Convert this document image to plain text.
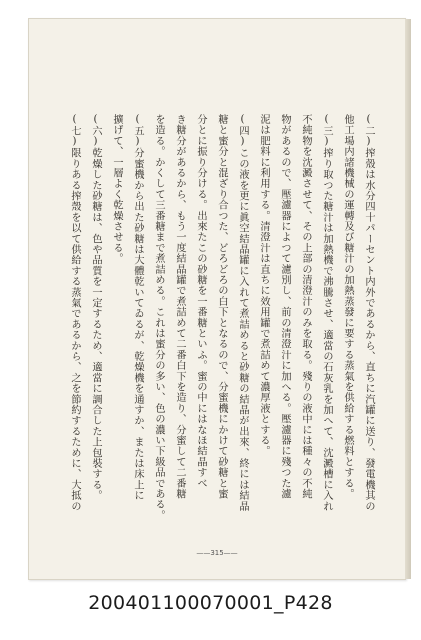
(二)搾殼は水分四十パーセント内外であるから、直ちに汽罐に送り、發電機其の
他工場内諸機械の運轉及び糖汁の加熱蒸發に要する蒸氣を供給する燃料とする。
(三)搾り取つた糖汁は加熱機で沸騰させ、適當の石灰乳を加へて、沈澱槽に入れ
不純物を沈澱させて、その上部の清澄汁のみを取る。殘りの液中には種々の不純
物があるので、壓濾器によつて濾別し、前の清澄汁に加へる。壓濾器に殘つた濾
泥は肥料に利用する。清澄汁は直ちに效用罐で煮詰めて濃厚液とする。
(四)この液を更に眞空結晶罐に入れて煮詰めると砂糖の結晶が出來、終には結晶
糖と蜜分と混ざり合つた、どろどろの白下となるので、分蜜機にかけて砂糖と蜜
分とに振り分ける。出來たこの砂糖を一番糖といふ。蜜の中にはなほ結晶すべ
き糖分があるから、もう一度結晶罐で煮詰めて二番白下を造り、分蜜して二番糖
を造る。かくして三番糖まで煮詰める。これは蜜分の多い、色の濃い下級品である。
(五)分蜜機から出た砂糖は大體乾いてゐるが、乾燥機を通すか、または床上に
擴げて、一層よく乾燥させる。
(六)乾燥した砂糖は、色や品質を一定するため、適當に調合した上包裝する。
(七)限りある搾殼を以て供給する蒸氣であるから、之を節約するために、大抵の
——315——
200401100070001_P428
